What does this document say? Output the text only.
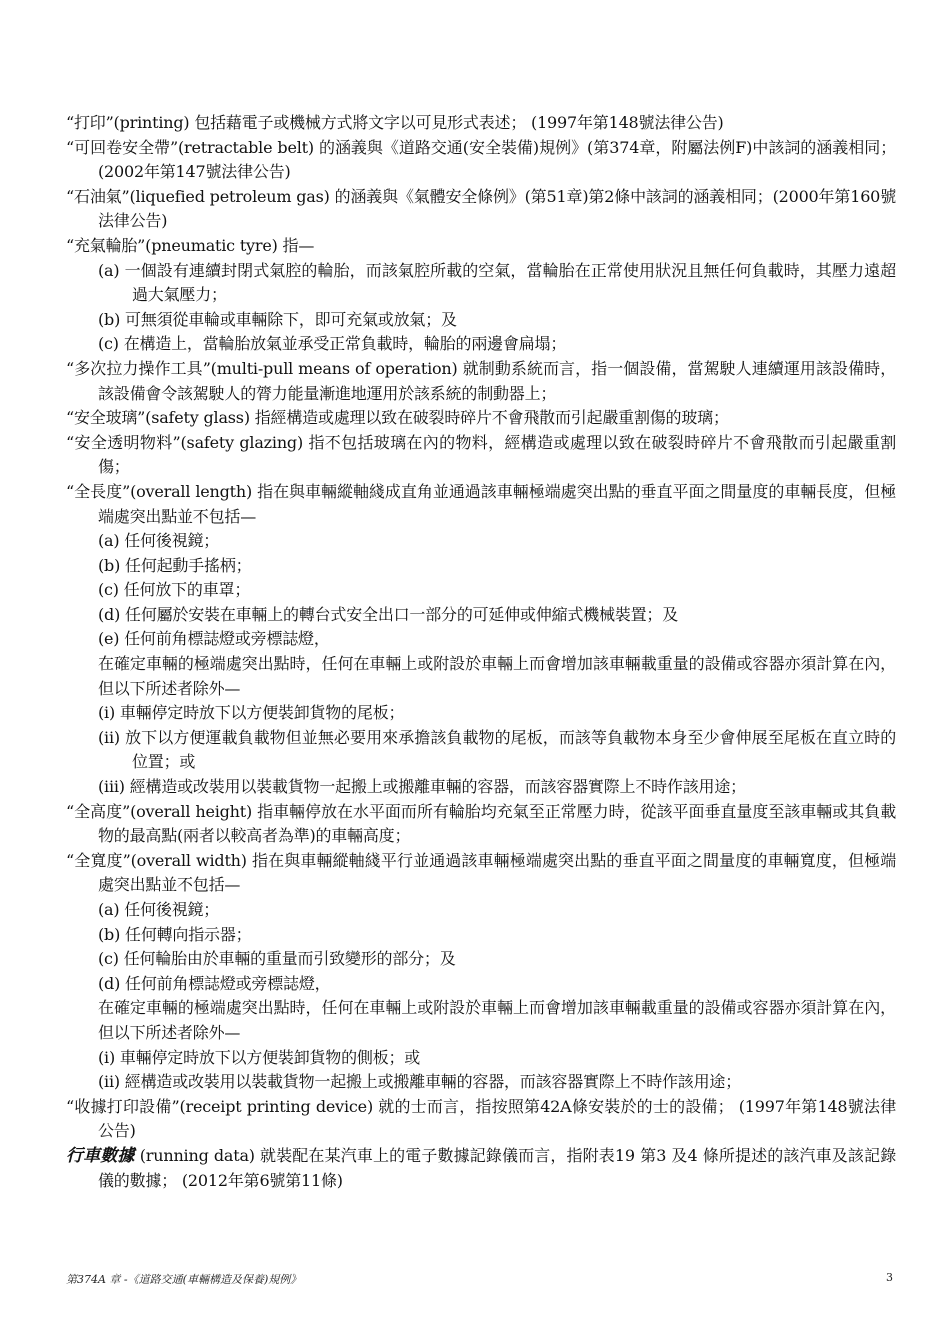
“打印”(printing) 包括藉電子或機械方式將文字以可見形式表述； (1997年第148號法律公告)
“可回卷安全帶”(retractable belt) 的涵義與《道路交通(安全裝備)規例》(第374章，附屬法例F)中該詞的涵義相同； (2002年第147號法律公告)
“石油氣”(liquefied petroleum gas) 的涵義與《氣體安全條例》(第51章)第2條中該詞的涵義相同；(2000年第160號法律公告)
“充氣輪胎”(pneumatic tyre) 指—
(a) 一個設有連續封閉式氣腔的輪胎，而該氣腔所載的空氣，當輪胎在正常使用狀況且無任何負載時，其壓力遠超過大氣壓力；
(b) 可無須從車輪或車輛除下，即可充氣或放氣；及
(c) 在構造上，當輪胎放氣並承受正常負載時，輪胎的兩邊會扁塌；
“多次拉力操作工具”(multi-pull means of operation) 就制動系統而言，指一個設備，當駕駛人連續運用該設備時，該設備會令該駕駛人的膂力能量漸進地運用於該系統的制動器上；
“安全玻璃”(safety glass) 指經構造或處理以致在破裂時碎片不會飛散而引起嚴重割傷的玻璃；
“安全透明物料”(safety glazing) 指不包括玻璃在內的物料，經構造或處理以致在破裂時碎片不會飛散而引起嚴重割傷；
“全長度”(overall length) 指在與車輛縱軸綫成直角並通過該車輛極端處突出點的垂直平面之間量度的車輛長度，但極端處突出點並不包括—
(a) 任何後視鏡；
(b) 任何起動手搖柄；
(c) 任何放下的車罩；
(d) 任何屬於安裝在車輛上的轉台式安全出口一部分的可延伸或伸縮式機械裝置；及
(e) 任何前角標誌燈或旁標誌燈，
在確定車輛的極端處突出點時，任何在車輛上或附設於車輛上而會增加該車輛載重量的設備或容器亦須計算在內，但以下所述者除外—
(i) 車輛停定時放下以方便裝卸貨物的尾板；
(ii) 放下以方便運載負載物但並無必要用來承擔該負載物的尾板，而該等負載物本身至少會伸展至尾板在直立時的位置；或
(iii) 經構造或改裝用以裝載貨物一起搬上或搬離車輛的容器，而該容器實際上不時作該用途；
“全高度”(overall height) 指車輛停放在水平面而所有輪胎均充氣至正常壓力時，從該平面垂直量度至該車輛或其負載物的最高點(兩者以較高者為準)的車輛高度；
“全寬度”(overall width) 指在與車輛縱軸綫平行並通過該車輛極端處突出點的垂直平面之間量度的車輛寬度，但極端處突出點並不包括—
(a) 任何後視鏡；
(b) 任何轉向指示器；
(c) 任何輪胎由於車輛的重量而引致變形的部分；及
(d) 任何前角標誌燈或旁標誌燈，
在確定車輛的極端處突出點時，任何在車輛上或附設於車輛上而會增加該車輛載重量的設備或容器亦須計算在內，但以下所述者除外—
(i) 車輛停定時放下以方便裝卸貨物的側板；或
(ii) 經構造或改裝用以裝載貨物一起搬上或搬離車輛的容器，而該容器實際上不時作該用途；
“收據打印設備”(receipt printing device) 就的士而言，指按照第42A條安裝於的士的設備； (1997年第148號法律公告)
行車數據 (running data) 就裝配在某汽車上的電子數據記錄儀而言，指附表19 第3 及4 條所提述的該汽車及該記錄儀的數據； (2012年第6號第11條)
第374A 章 -《道路交通(車輛構造及保養)規例》	3
